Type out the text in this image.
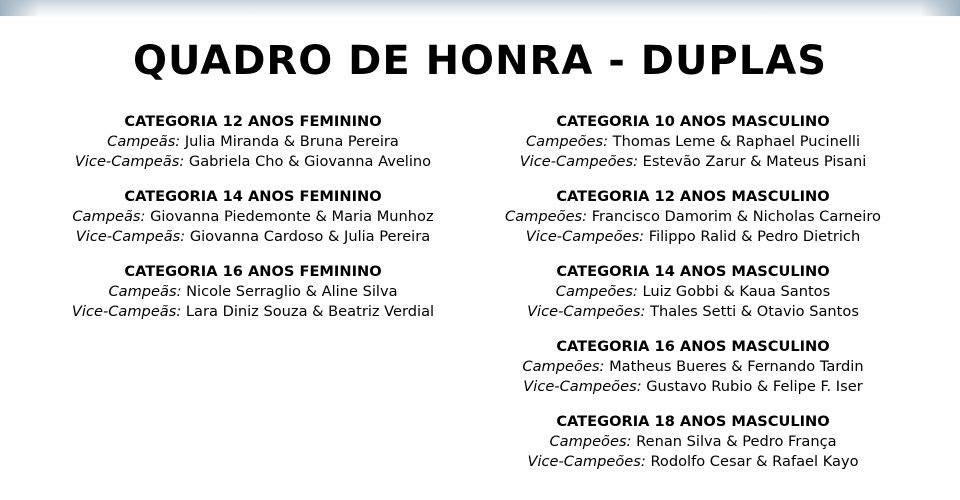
QUADRO DE HONRA - DUPLAS
CATEGORIA 12 ANOS FEMININO
Campeãs: Julia Miranda & Bruna Pereira
Vice-Campeãs: Gabriela Cho & Giovanna Avelino
CATEGORIA 14 ANOS FEMININO
Campeãs: Giovanna Piedemonte & Maria Munhoz
Vice-Campeãs: Giovanna Cardoso & Julia Pereira
CATEGORIA 16 ANOS FEMININO
Campeãs: Nicole Serraglio & Aline Silva
Vice-Campeãs: Lara Diniz Souza & Beatriz Verdial
CATEGORIA 10 ANOS MASCULINO
Campeões: Thomas Leme & Raphael Pucinelli
Vice-Campeões: Estevão Zarur & Mateus Pisani
CATEGORIA 12 ANOS MASCULINO
Campeões: Francisco Damorim & Nicholas Carneiro
Vice-Campeões: Filippo Ralid & Pedro Dietrich
CATEGORIA 14 ANOS MASCULINO
Campeões: Luiz Gobbi & Kaua Santos
Vice-Campeões: Thales Setti & Otavio Santos
CATEGORIA 16 ANOS MASCULINO
Campeões: Matheus Bueres & Fernando Tardin
Vice-Campeões: Gustavo Rubio & Felipe F. Iser
CATEGORIA 18 ANOS MASCULINO
Campeões: Renan Silva & Pedro França
Vice-Campeões: Rodolfo Cesar & Rafael Kayo
